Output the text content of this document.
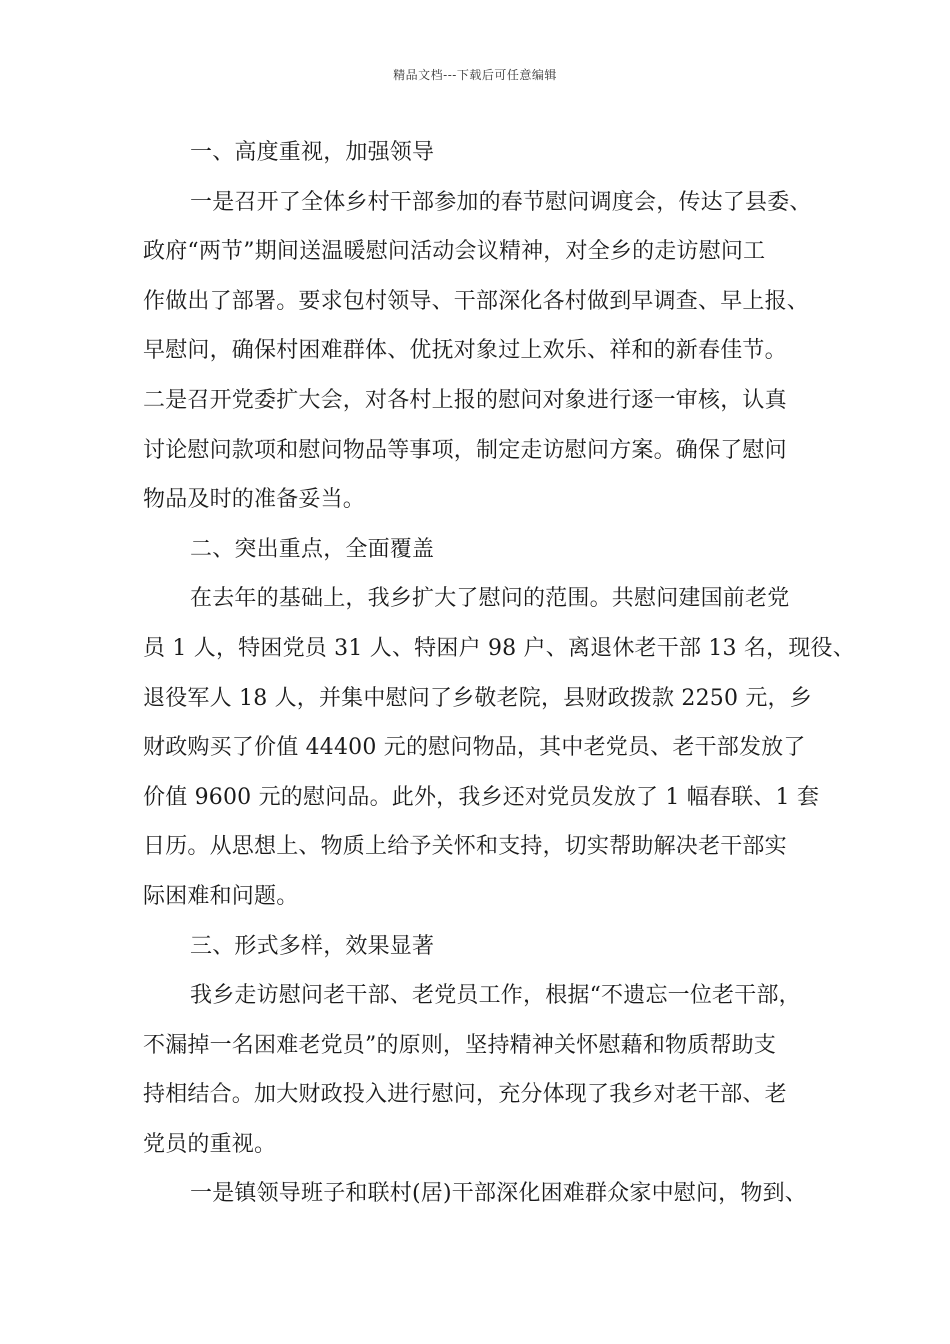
精品文档---下载后可任意编辑
一、高度重视，加强领导
一是召开了全体乡村干部参加的春节慰问调度会，传达了县委、
政府“两节”期间送温暖慰问活动会议精神，对全乡的走访慰问工
作做出了部署。要求包村领导、干部深化各村做到早调查、早上报、
早慰问，确保村困难群体、优抚对象过上欢乐、祥和的新春佳节。
二是召开党委扩大会，对各村上报的慰问对象进行逐一审核，认真
讨论慰问款项和慰问物品等事项，制定走访慰问方案。确保了慰问
物品及时的准备妥当。
二、突出重点，全面覆盖
在去年的基础上，我乡扩大了慰问的范围。共慰问建国前老党
员 1 人，特困党员 31 人、特困户 98 户、离退休老干部 13 名，现役、
退役军人 18 人，并集中慰问了乡敬老院，县财政拨款 2250 元，乡
财政购买了价值 44400 元的慰问物品，其中老党员、老干部发放了
价值 9600 元的慰问品。此外，我乡还对党员发放了 1 幅春联、1 套
日历。从思想上、物质上给予关怀和支持，切实帮助解决老干部实
际困难和问题。
三、形式多样，效果显著
我乡走访慰问老干部、老党员工作，根据“不遗忘一位老干部，
不漏掉一名困难老党员”的原则，坚持精神关怀慰藉和物质帮助支
持相结合。加大财政投入进行慰问，充分体现了我乡对老干部、老
党员的重视。
一是镇领导班子和联村(居)干部深化困难群众家中慰问，物到、
